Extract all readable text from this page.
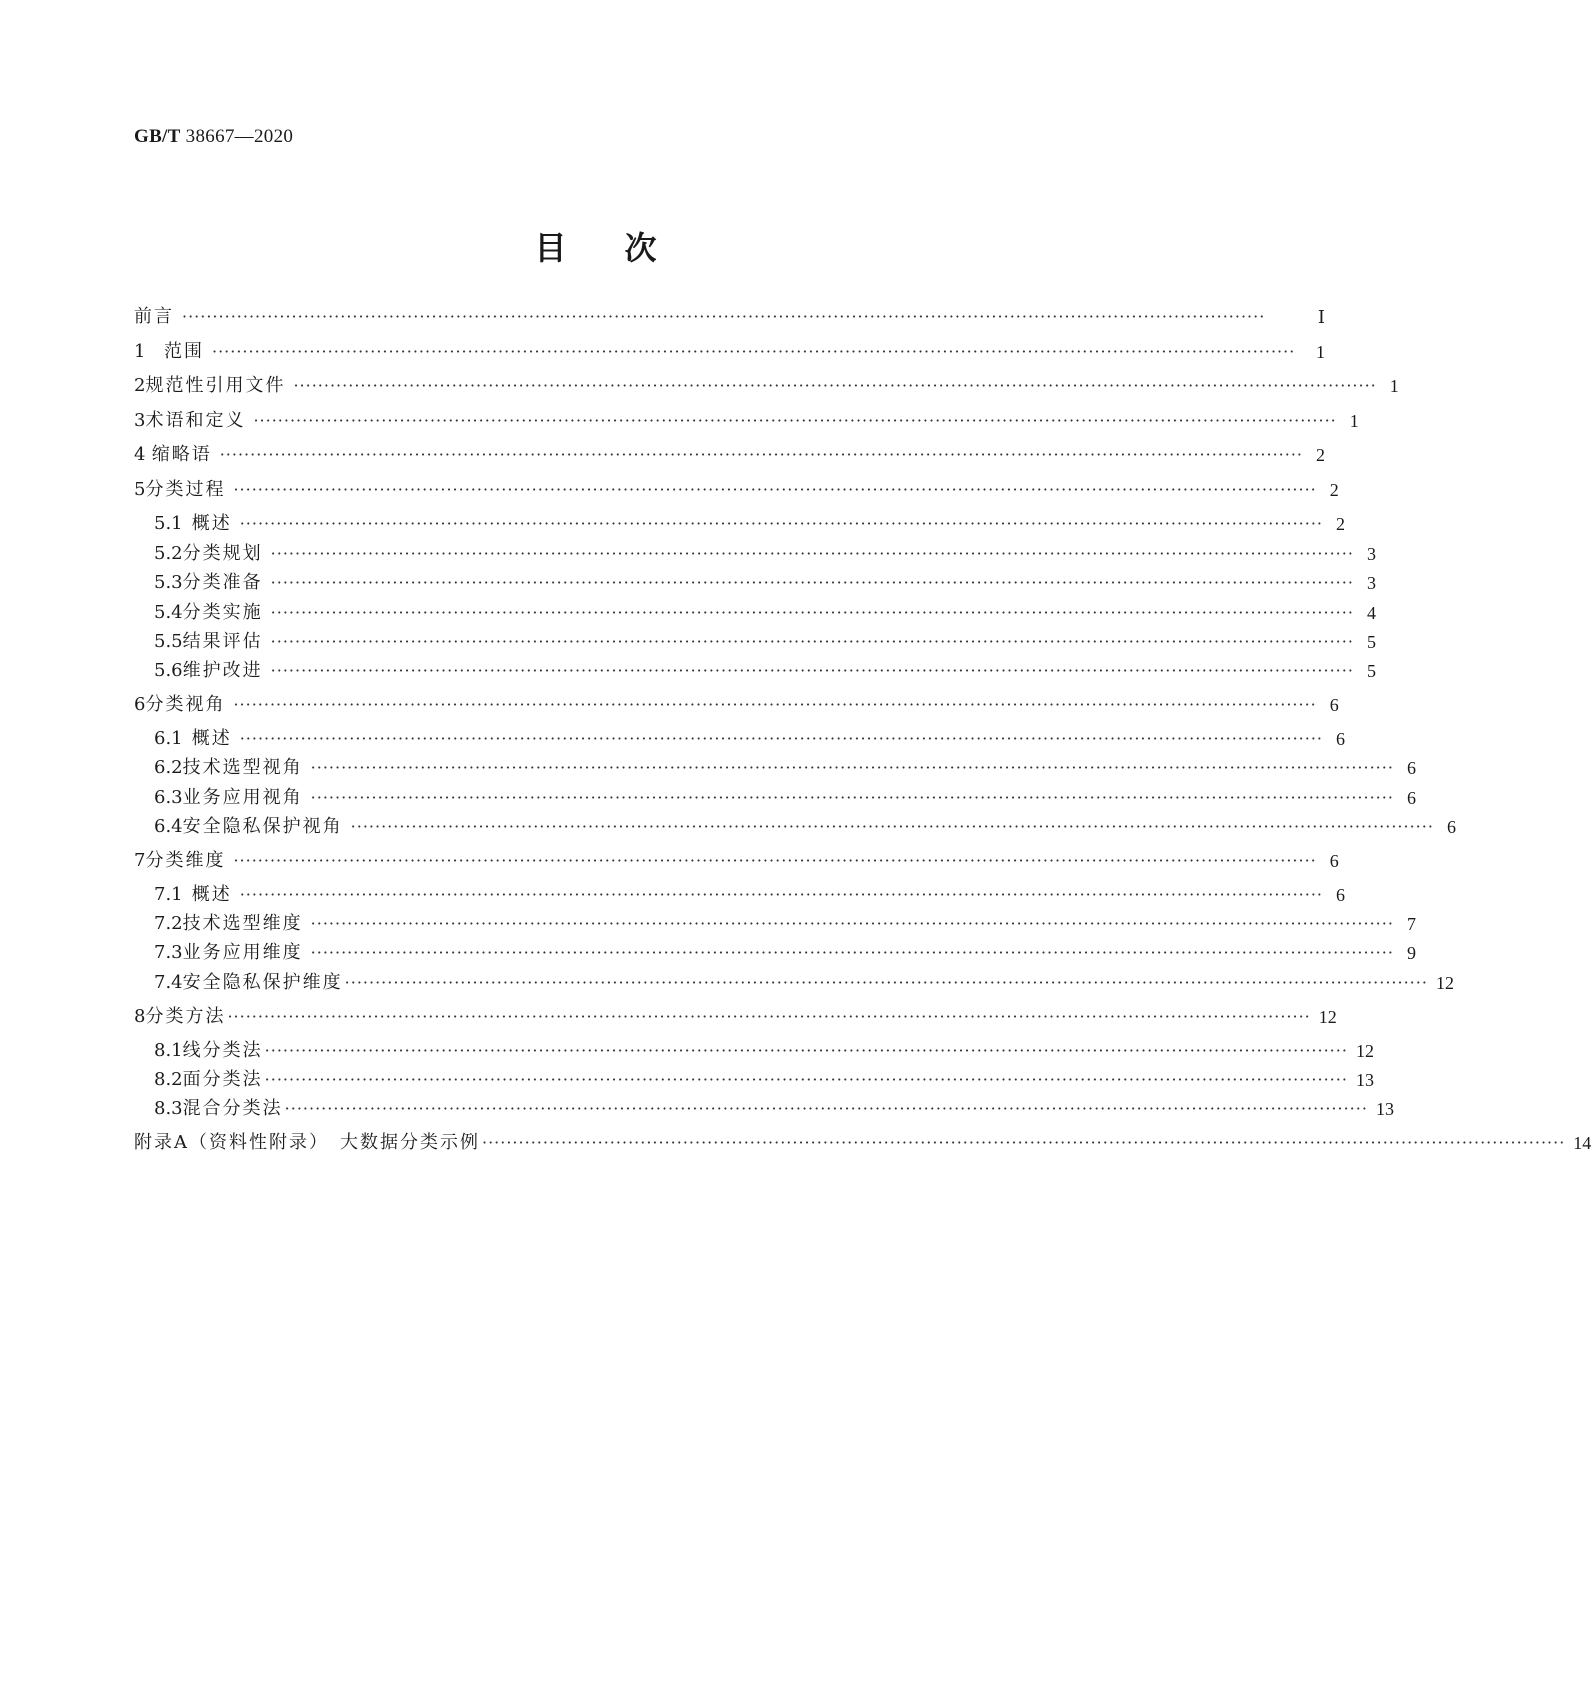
GB/T 38667—2020
目次
前言 ·····	Ⅰ
1	范围 ·····	1
2 规范性引用文件 ·····	1
3 术语和定义 ·····	1
4 缩略语 ·····	2
5 分类过程 ·····	2
5.1 概述 ·····	2
5.2 分类规划 ·····	3
5.3 分类准备 ·····	3
5.4 分类实施 ·····	4
5.5 结果评估 ·····	5
5.6 维护改进 ·····	5
6 分类视角 ·····	6
6.1 概述 ·····	6
6.2 技术选型视角 ·····	6
6.3 业务应用视角 ·····	6
6.4 安全隐私保护视角 ·····	6
7 分类维度 ·····	6
7.1 概述 ·····	6
7.2 技术选型维度 ·····	7
7.3 业务应用维度 ·····	9
7.4 安全隐私保护维度 ·····	12
8 分类方法 ·····	12
8.1 线分类法 ·····	12
8.2 面分类法 ·····	13
8.3 混合分类法 ·····	13
附录A（资料性附录）　大数据分类示例 ·····	14
